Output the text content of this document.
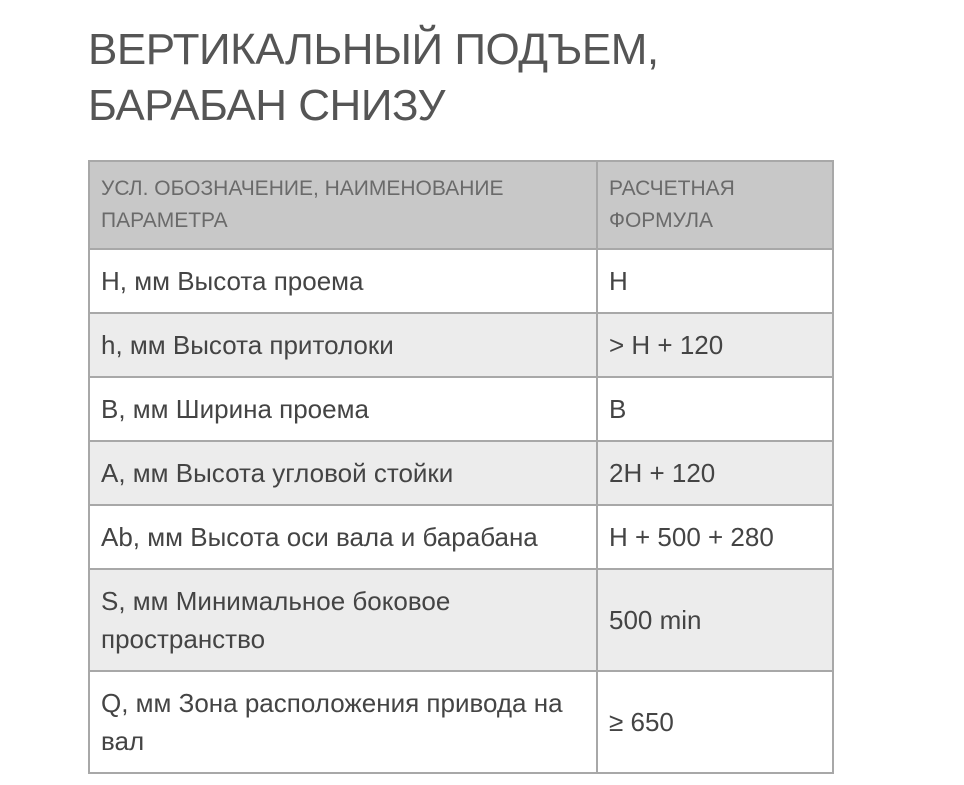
ВЕРТИКАЛЬНЫЙ ПОДЪЕМ,
БАРАБАН СНИЗУ
УСЛ. ОБОЗНАЧЕНИЕ, НАИМЕНОВАНИЕ ПАРАМЕТРА	РАСЧЕТНАЯ ФОРМУЛА
H, мм Высота проема	H
h, мм Высота притолоки	> H + 120
B, мм Ширина проема	B
A, мм Высота угловой стойки	2H + 120
Ab, мм Высота оси вала и барабана	H + 500 + 280
S, мм Минимальное боковое пространство	500 min
Q, мм Зона расположения привода на вал	≥ 650
